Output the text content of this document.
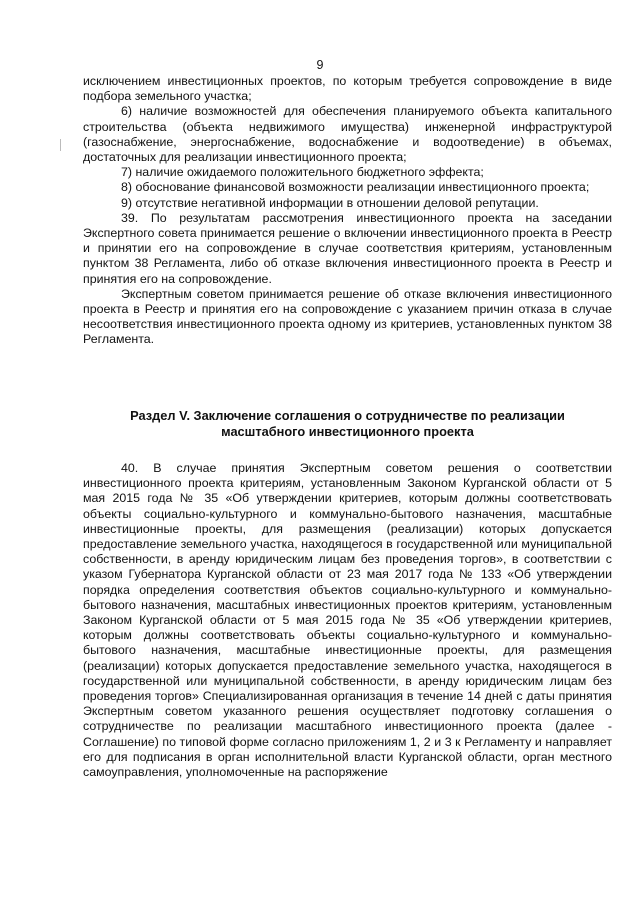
9

исключением инвестиционных проектов, по которым требуется сопровождение в виде подбора земельного участка;

6) наличие возможностей для обеспечения планируемого объекта капитального строительства (объекта недвижимого имущества) инженерной инфраструктурой (газоснабжение, энергоснабжение, водоснабжение и водоотведение) в объемах, достаточных для реализации инвестиционного проекта;

7) наличие ожидаемого положительного бюджетного эффекта;

8) обоснование финансовой возможности реализации инвестиционного проекта;

9) отсутствие негативной информации в отношении деловой репутации.

39. По результатам рассмотрения инвестиционного проекта на заседании Экспертного совета принимается решение о включении инвестиционного проекта в Реестр и принятии его на сопровождение в случае соответствия критериям, установленным пунктом 38 Регламента, либо об отказе включения инвестиционного проекта в Реестр и принятия его на сопровождение.

Экспертным советом принимается решение об отказе включения инвестиционного проекта в Реестр и принятия его на сопровождение с указанием причин отказа в случае несоответствия инвестиционного проекта одному из критериев, установленных пунктом 38 Регламента.

Раздел V. Заключение соглашения о сотрудничестве по реализации
масштабного инвестиционного проекта

40. В случае принятия Экспертным советом решения о соответствии инвестиционного проекта критериям, установленным Законом Курганской области от 5 мая 2015 года № 35 «Об утверждении критериев, которым должны соответствовать объекты социально-культурного и коммунально-бытового назначения, масштабные инвестиционные проекты, для размещения (реализации) которых допускается предоставление земельного участка, находящегося в государственной или муниципальной собственности, в аренду юридическим лицам без проведения торгов», в соответствии с указом Губернатора Курганской области от 23 мая 2017 года № 133 «Об утверждении порядка определения соответствия объектов социально-культурного и коммунально-бытового назначения, масштабных инвестиционных проектов критериям, установленным Законом Курганской области от 5 мая 2015 года № 35 «Об утверждении критериев, которым должны соответствовать объекты социально-культурного и коммунально-бытового назначения, масштабные инвестиционные проекты, для размещения (реализации) которых допускается предоставление земельного участка, находящегося в государственной или муниципальной собственности, в аренду юридическим лицам без проведения торгов» Специализированная организация в течение 14 дней с даты принятия Экспертным советом указанного решения осуществляет подготовку соглашения о сотрудничестве по реализации масштабного инвестиционного проекта (далее - Соглашение) по типовой форме согласно приложениям 1, 2 и 3 к Регламенту и направляет его для подписания в орган исполнительной власти Курганской области, орган местного самоуправления, уполномоченные на распоряжение
